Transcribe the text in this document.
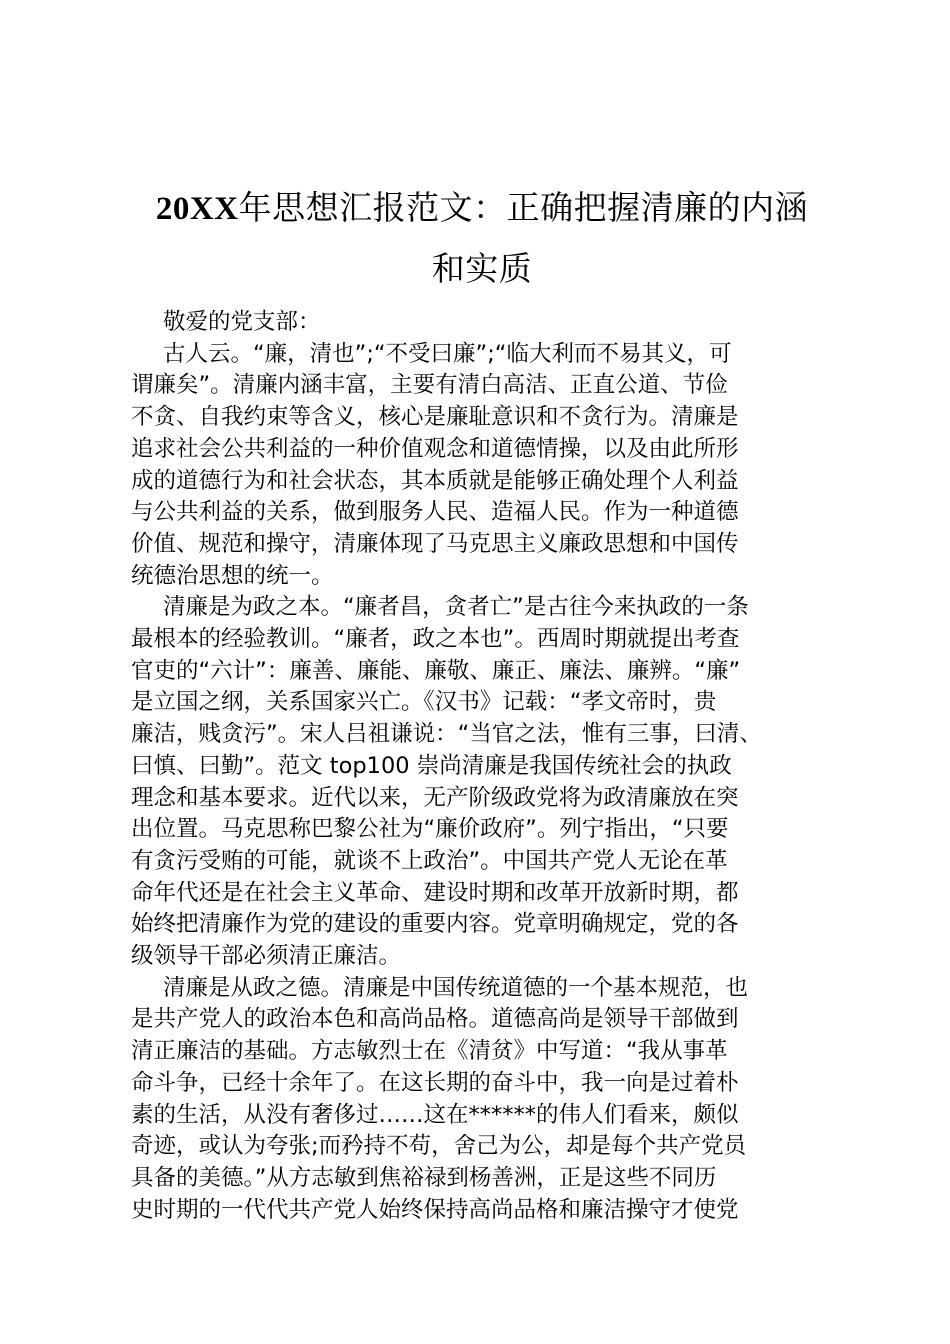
20XX年思想汇报范文：正确把握清廉的内涵
和实质

敬爱的党支部：

古人云。“廉，清也”;“不受曰廉”;“临大利而不易其义，可
谓廉矣”。清廉内涵丰富，主要有清白高洁、正直公道、节俭
不贪、自我约束等含义，核心是廉耻意识和不贪行为。清廉是
追求社会公共利益的一种价值观念和道德情操，以及由此所形
成的道德行为和社会状态，其本质就是能够正确处理个人利益
与公共利益的关系，做到服务人民、造福人民。作为一种道德
价值、规范和操守，清廉体现了马克思主义廉政思想和中国传
统德治思想的统一。

清廉是为政之本。“廉者昌，贪者亡”是古往今来执政的一条
最根本的经验教训。“廉者，政之本也”。西周时期就提出考查
官吏的“六计”：廉善、廉能、廉敬、廉正、廉法、廉辨。“廉”
是立国之纲，关系国家兴亡。《汉书》记载：“孝文帝时，贵
廉洁，贱贪污”。宋人吕祖谦说：“当官之法，惟有三事，曰清、
曰慎、曰勤”。范文 top100 崇尚清廉是我国传统社会的执政
理念和基本要求。近代以来，无产阶级政党将为政清廉放在突
出位置。马克思称巴黎公社为“廉价政府”。列宁指出，“只要
有贪污受贿的可能，就谈不上政治”。中国共产党人无论在革
命年代还是在社会主义革命、建设时期和改革开放新时期，都
始终把清廉作为党的建设的重要内容。党章明确规定，党的各
级领导干部必须清正廉洁。

清廉是从政之德。清廉是中国传统道德的一个基本规范，也
是共产党人的政治本色和高尚品格。道德高尚是领导干部做到
清正廉洁的基础。方志敏烈士在《清贫》中写道：“我从事革
命斗争，已经十余年了。在这长期的奋斗中，我一向是过着朴
素的生活，从没有奢侈过……这在******的伟人们看来，颇似
奇迹，或认为夸张;而矜持不苟，舍己为公，却是每个共产党员
具备的美德。”从方志敏到焦裕禄到杨善洲，正是这些不同历
史时期的一代代共产党人始终保持高尚品格和廉洁操守才使党
